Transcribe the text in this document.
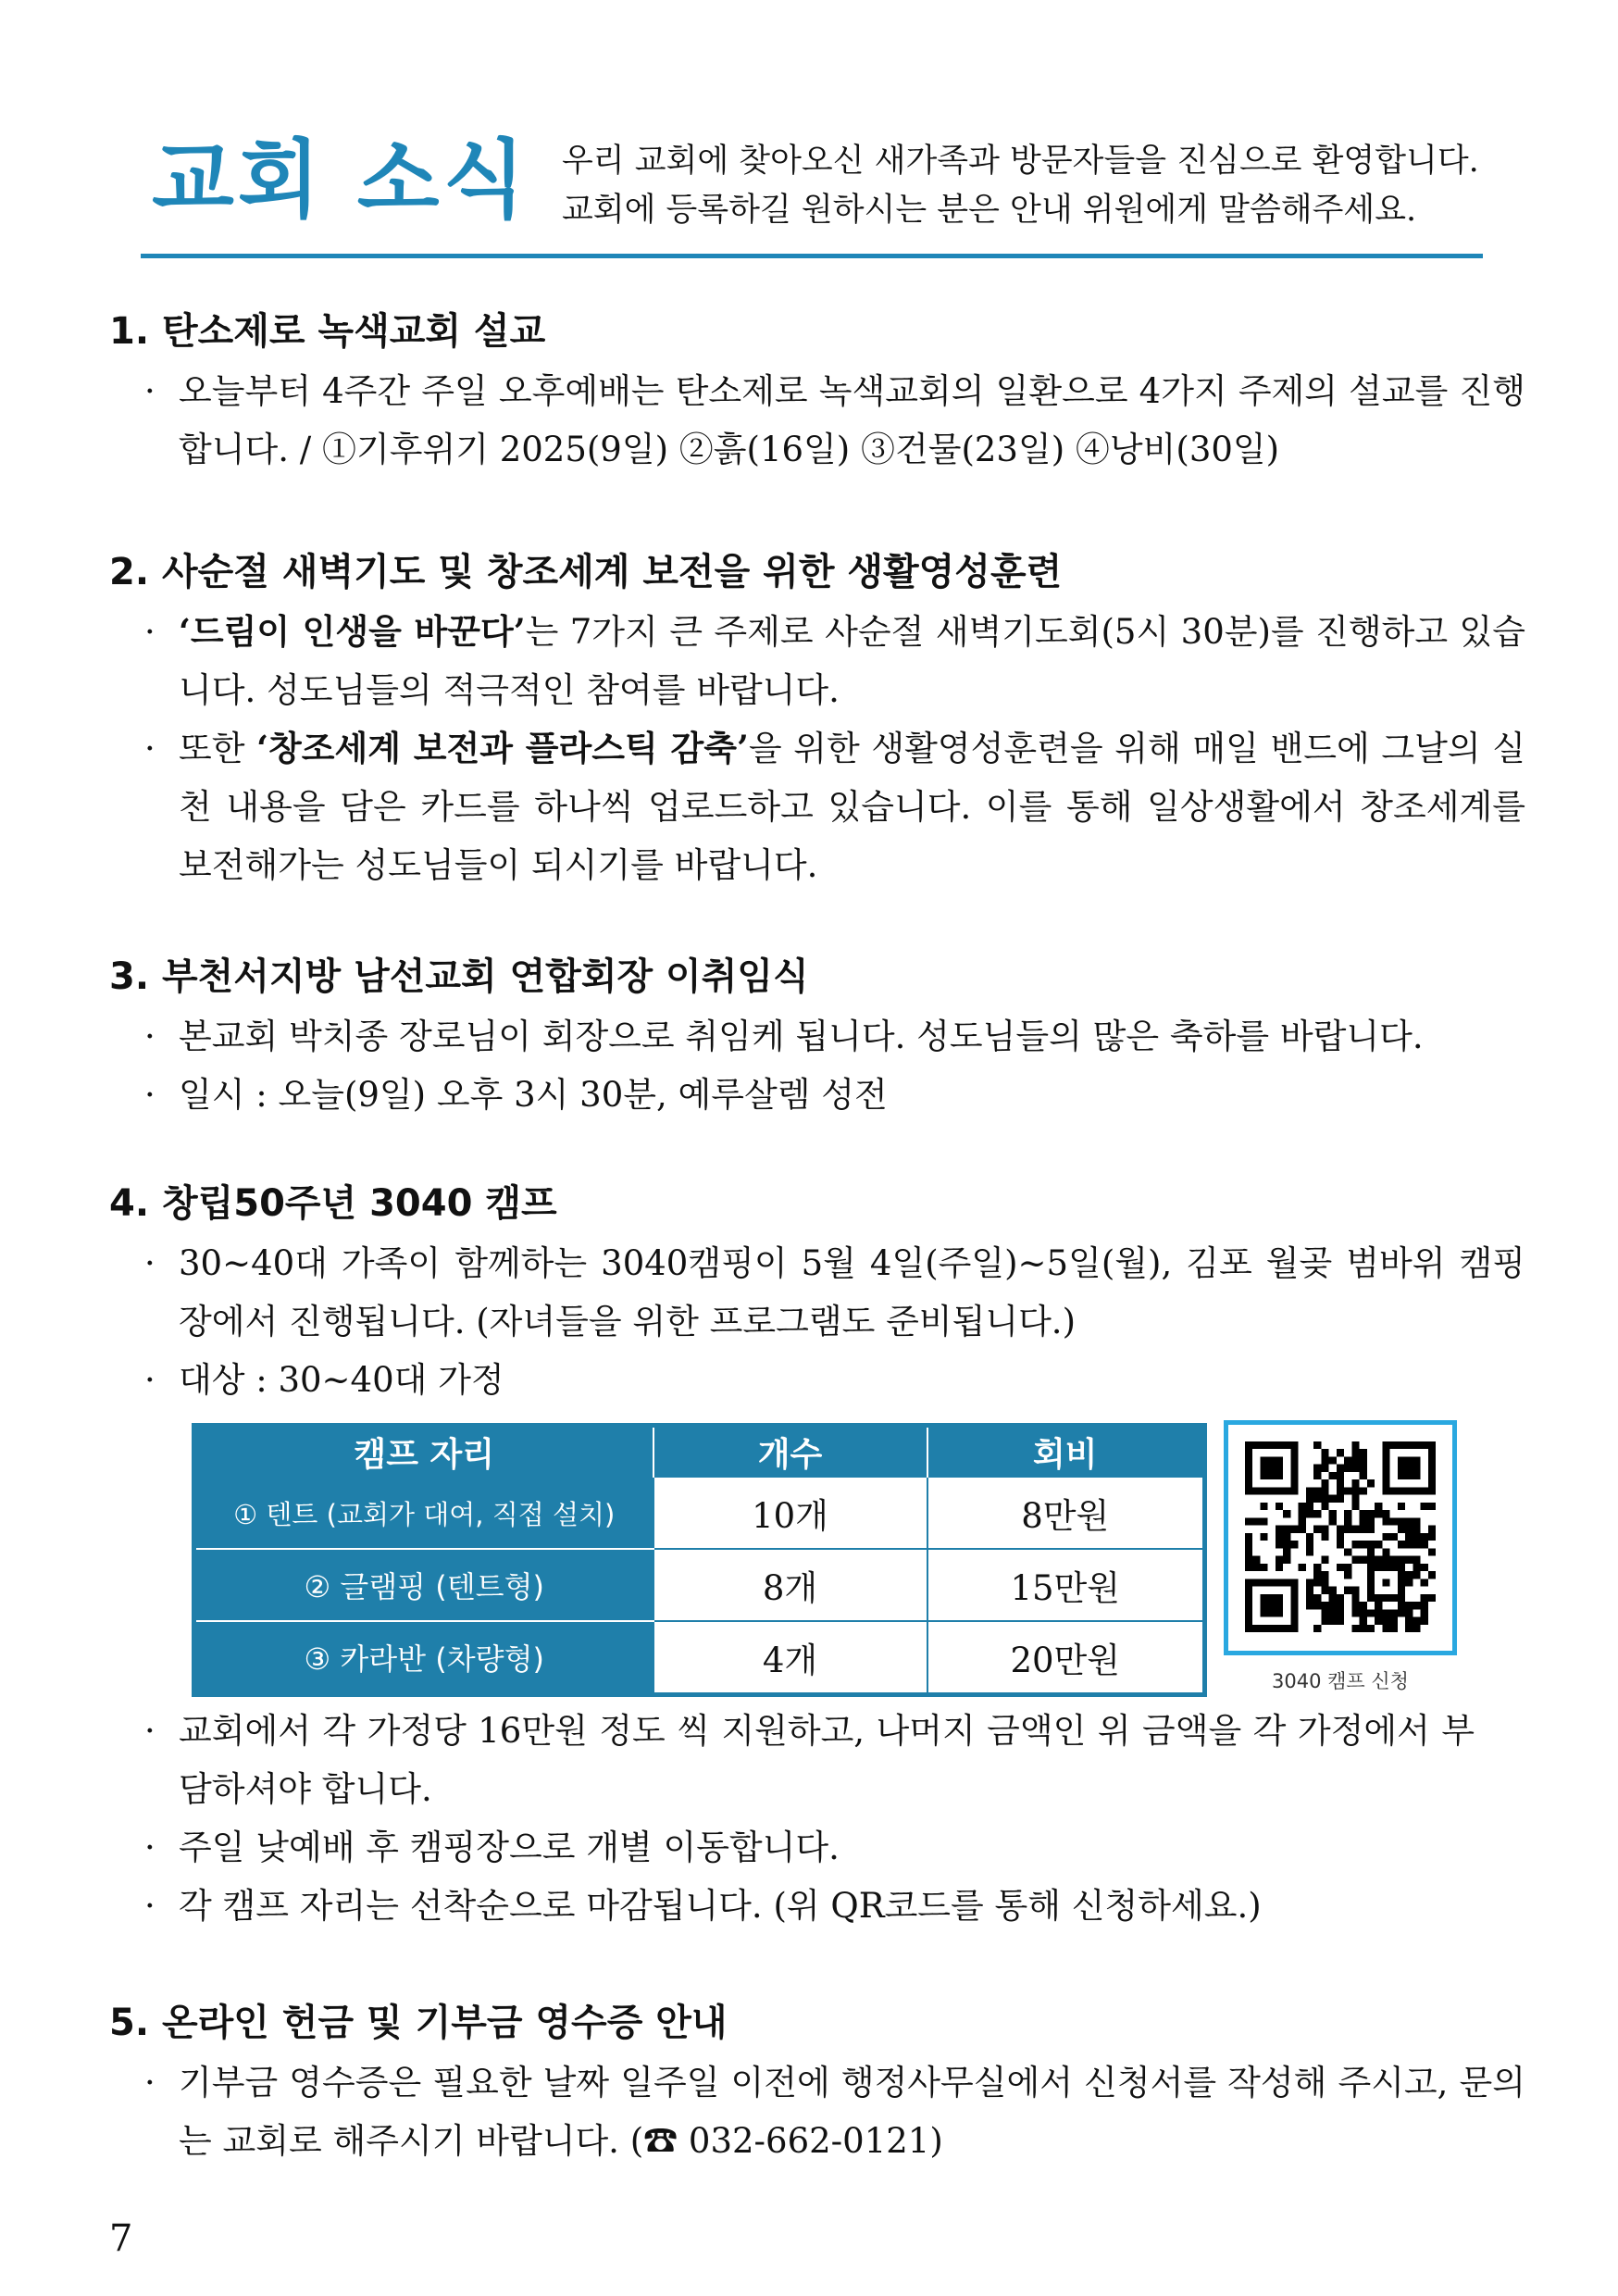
교회 소식 우리 교회에 찾아오신 새가족과 방문자들을 진심으로 환영합니다.
교회에 등록하길 원하시는 분은 안내 위원에게 말씀해주세요.
1. 탄소제로 녹색교회 설교
· 오늘부터 4주간 주일 오후예배는 탄소제로 녹색교회의 일환으로 4가지 주제의 설교를 진행합니다. / ①기후위기 2025(9일) ②흙(16일) ③건물(23일) ④낭비(30일)
2. 사순절 새벽기도 및 창조세계 보전을 위한 생활영성훈련
· ‘드림이 인생을 바꾼다’는 7가지 큰 주제로 사순절 새벽기도회(5시 30분)를 진행하고 있습니다. 성도님들의 적극적인 참여를 바랍니다.
· 또한 ‘창조세계 보전과 플라스틱 감축’을 위한 생활영성훈련을 위해 매일 밴드에 그날의 실천 내용을 담은 카드를 하나씩 업로드하고 있습니다. 이를 통해 일상생활에서 창조세계를 보전해가는 성도님들이 되시기를 바랍니다.
3. 부천서지방 남선교회 연합회장 이취임식
· 본교회 박치종 장로님이 회장으로 취임케 됩니다. 성도님들의 많은 축하를 바랍니다.
· 일시 : 오늘(9일) 오후 3시 30분, 예루살렘 성전
4. 창립50주년 3040 캠프
· 30~40대 가족이 함께하는 3040캠핑이 5월 4일(주일)~5일(월), 김포 월곶 범바위 캠핑장에서 진행됩니다. (자녀들을 위한 프로그램도 준비됩니다.)
· 대상 : 30~40대 가정
캠프 자리	개수	회비
① 텐트 (교회가 대여, 직접 설치)	10개	8만원
② 글램핑 (텐트형)	8개	15만원
③ 카라반 (차량형)	4개	20만원
3040 캠프 신청
· 교회에서 각 가정당 16만원 정도 씩 지원하고, 나머지 금액인 위 금액을 각 가정에서 부담하셔야 합니다.
· 주일 낮예배 후 캠핑장으로 개별 이동합니다.
· 각 캠프 자리는 선착순으로 마감됩니다. (위 QR코드를 통해 신청하세요.)
5. 온라인 헌금 및 기부금 영수증 안내
· 기부금 영수증은 필요한 날짜 일주일 이전에 행정사무실에서 신청서를 작성해 주시고, 문의는 교회로 해주시기 바랍니다. (☎ 032-662-0121)
7
